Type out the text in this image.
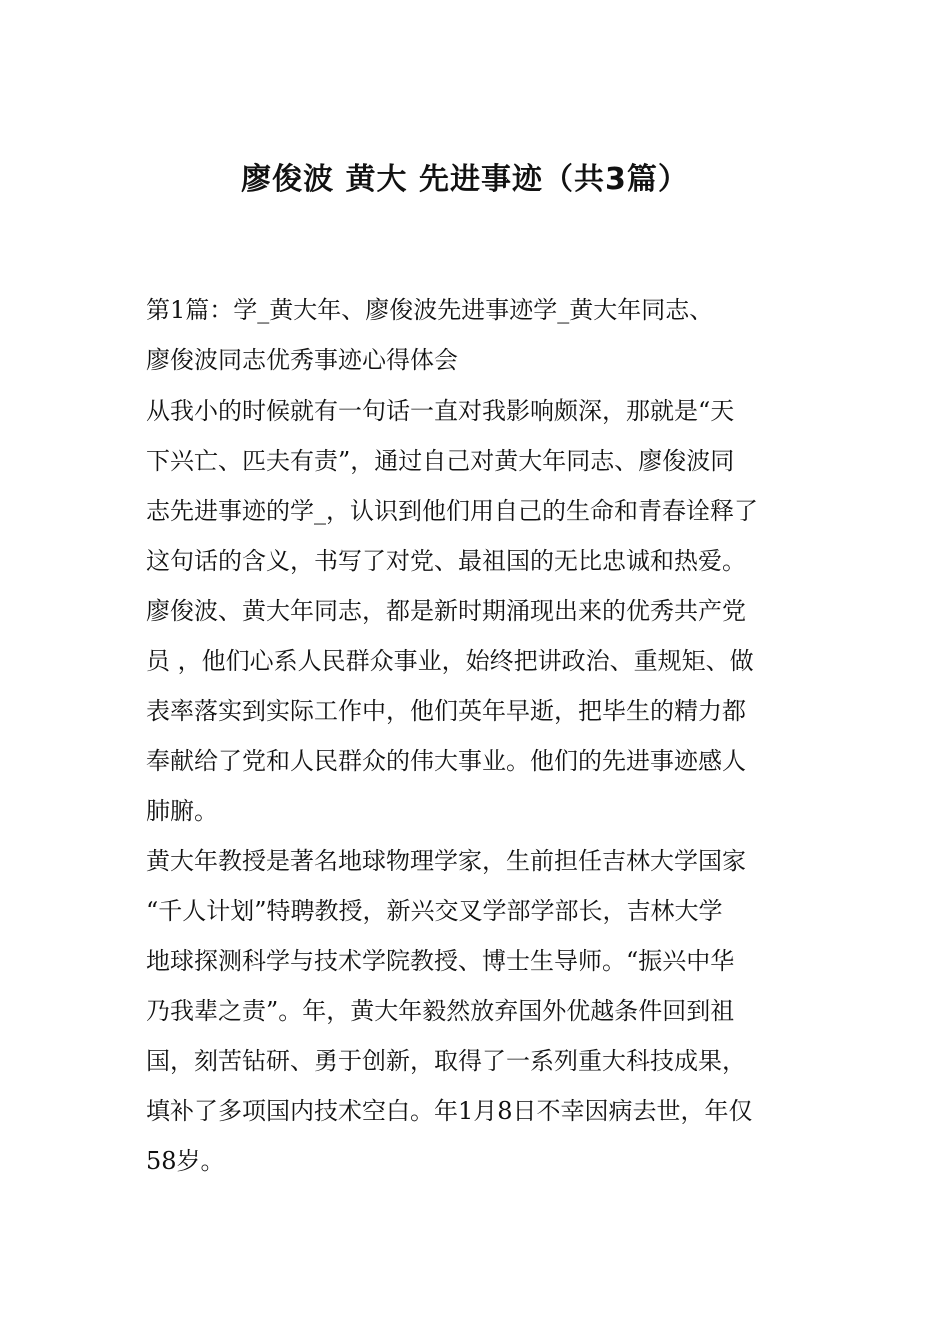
廖俊波 黄大 先进事迹（共3篇）
第1篇：学_黄大年、廖俊波先进事迹学_黄大年同志、
廖俊波同志优秀事迹心得体会
从我小的时候就有一句话一直对我影响颇深，那就是“天
下兴亡、匹夫有责”，通过自己对黄大年同志、廖俊波同
志先进事迹的学_，认识到他们用自己的生命和青春诠释了
这句话的含义，书写了对党、最祖国的无比忠诚和热爱。
廖俊波、黄大年同志，都是新时期涌现出来的优秀共产党
员 ，他们心系人民群众事业，始终把讲政治、重规矩、做
表率落实到实际工作中，他们英年早逝，把毕生的精力都
奉献给了党和人民群众的伟大事业。他们的先进事迹感人
肺腑。
黄大年教授是著名地球物理学家，生前担任吉林大学国家
“千人计划”特聘教授，新兴交叉学部学部长，吉林大学
地球探测科学与技术学院教授、博士生导师。“振兴中华
乃我辈之责”。年，黄大年毅然放弃国外优越条件回到祖
国，刻苦钻研、勇于创新，取得了一系列重大科技成果，
填补了多项国内技术空白。年1月8日不幸因病去世，年仅
58岁。
